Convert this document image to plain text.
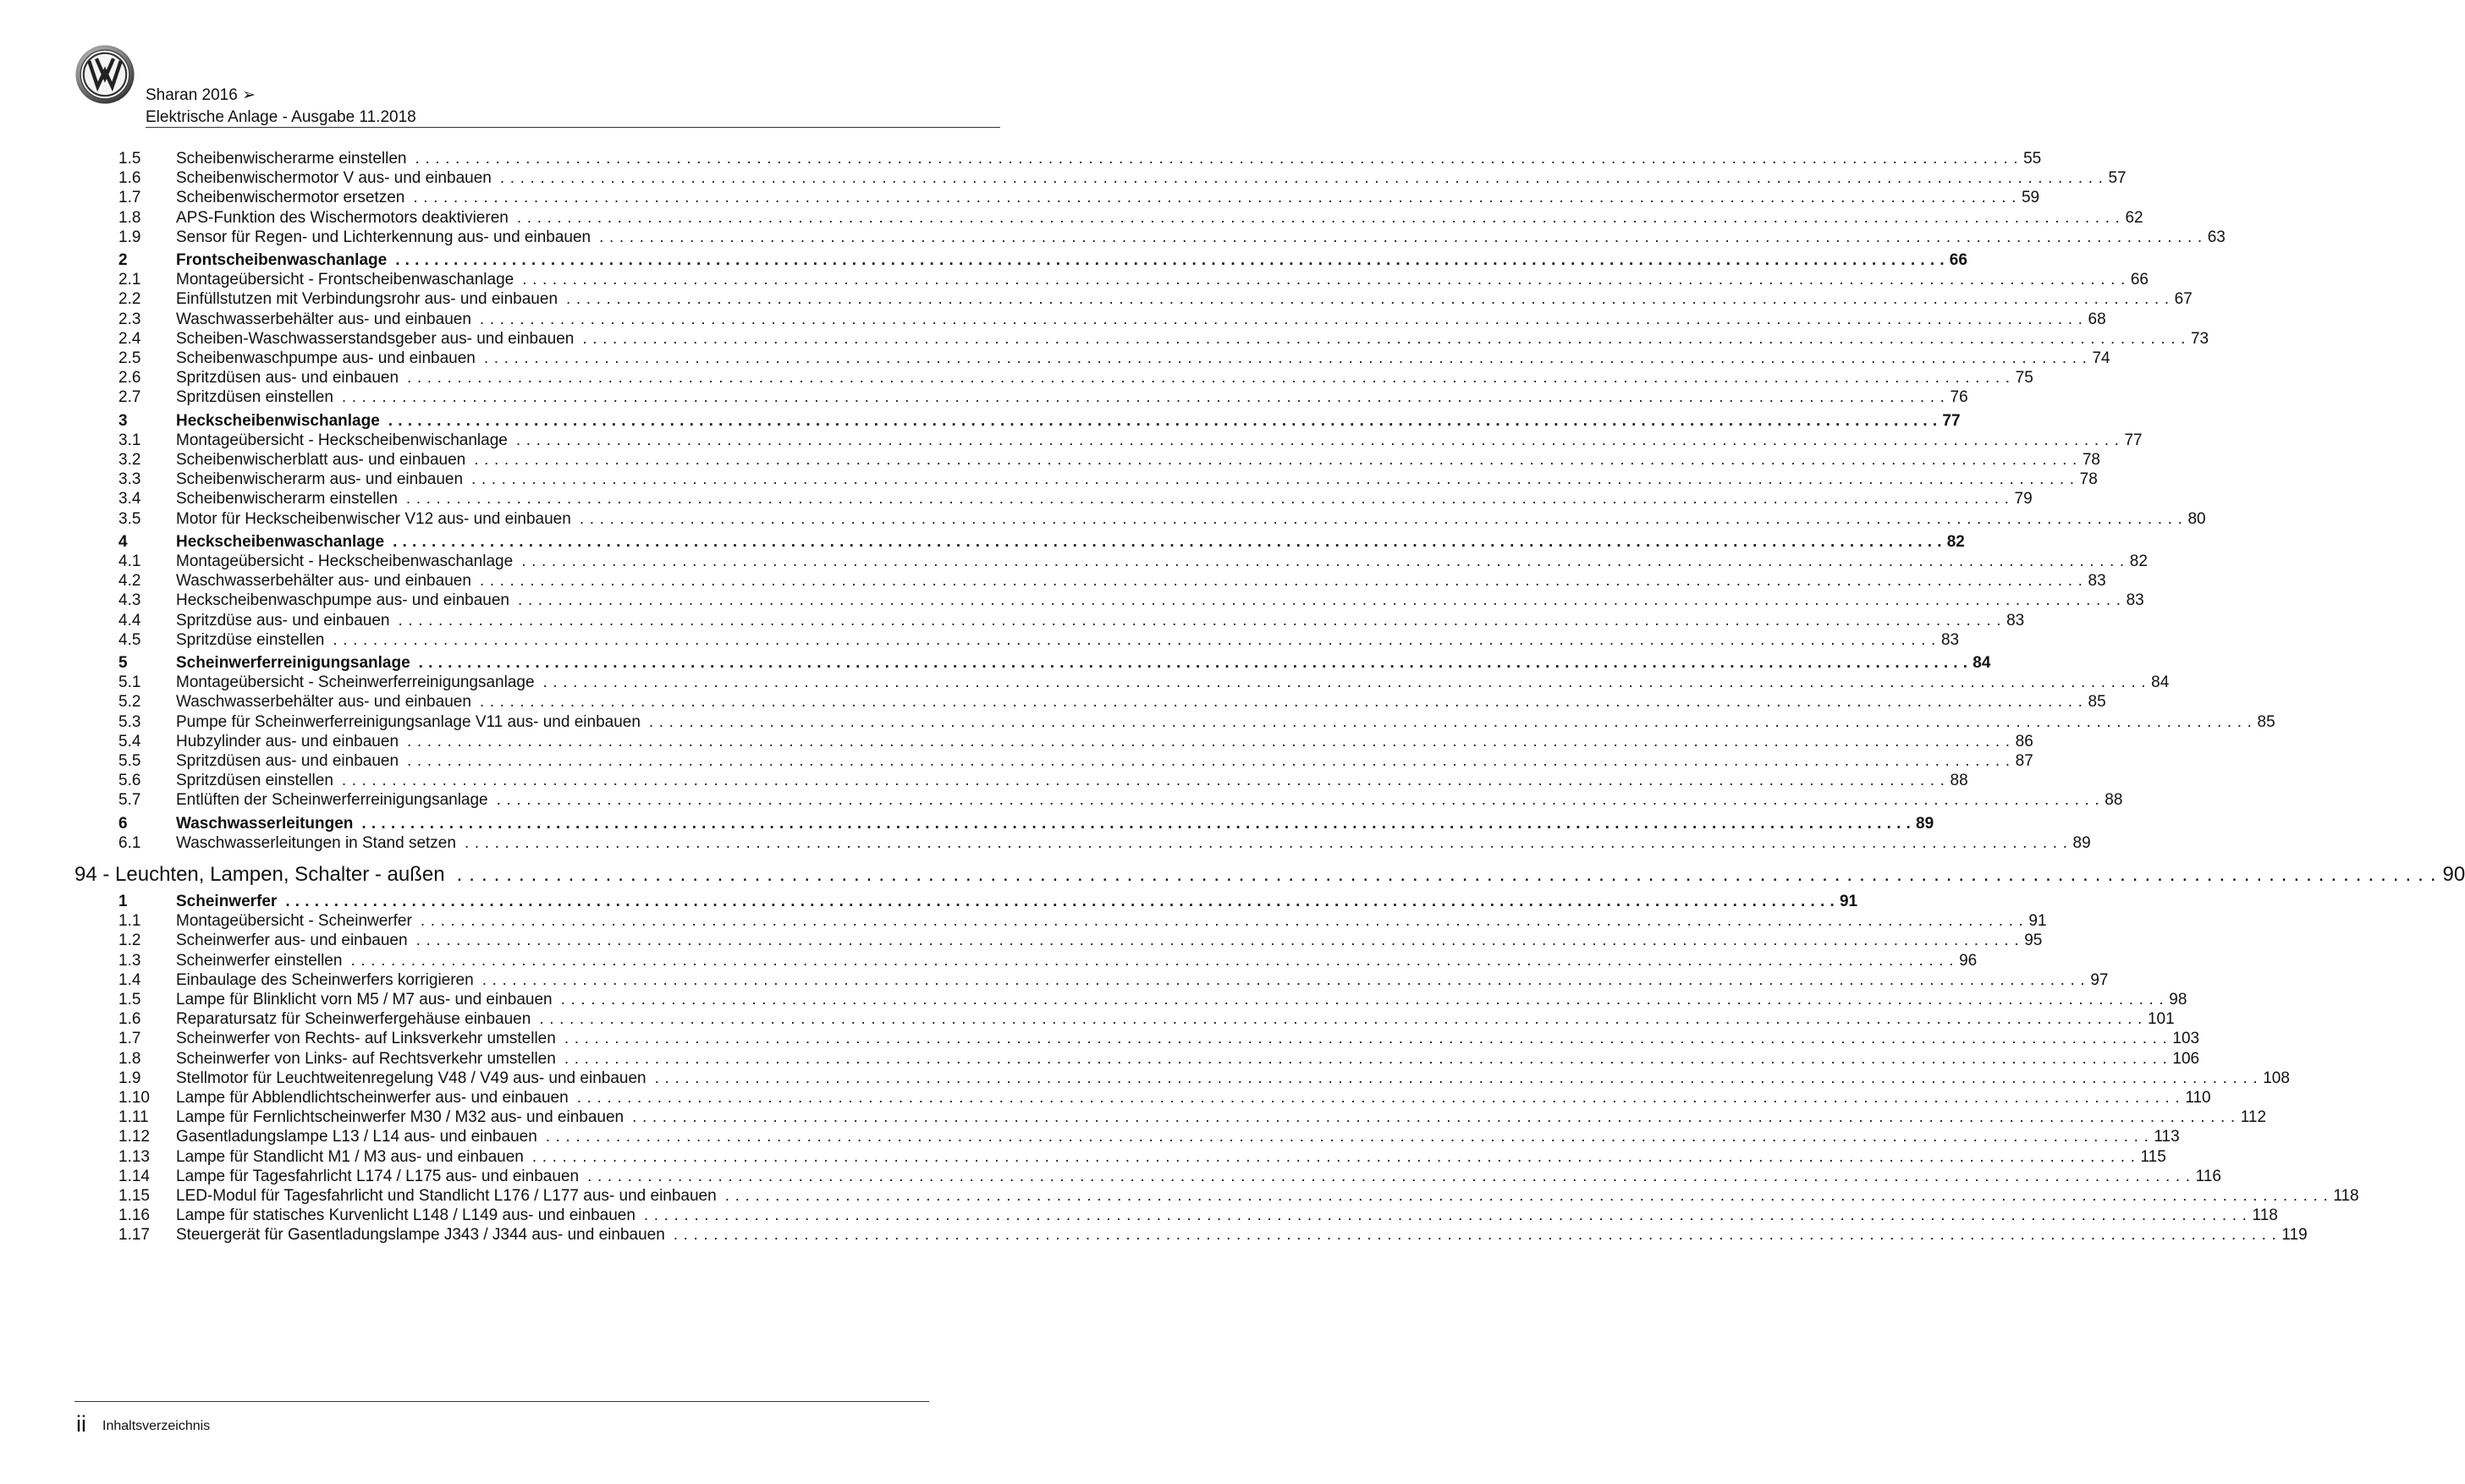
Sharan 2016 ➢
Elektrische Anlage - Ausgabe 11.2018
1.5 Scheibenwischerarme einstellen ................................................................................................................................................................ 55
1.6 Scheibenwischermotor V aus- und einbauen ................................................................................................................................................................ 57
1.7 Scheibenwischermotor ersetzen ................................................................................................................................................................ 59
1.8 APS-Funktion des Wischermotors deaktivieren ................................................................................................................................................................ 62
1.9 Sensor für Regen- und Lichterkennung aus- und einbauen ................................................................................................................................................................ 63
2	Frontscheibenwaschanlage ................................................................................................................................................................ 66
2.1 Montageübersicht - Frontscheibenwaschanlage ................................................................................................................................................................ 66
2.2 Einfüllstutzen mit Verbindungsrohr aus- und einbauen ................................................................................................................................................................ 67
2.3 Waschwasserbehälter aus- und einbauen ................................................................................................................................................................ 68
2.4 Scheiben-Waschwasserstandsgeber aus- und einbauen ................................................................................................................................................................ 73
2.5 Scheibenwaschpumpe aus- und einbauen ................................................................................................................................................................ 74
2.6 Spritzdüsen aus- und einbauen ................................................................................................................................................................ 75
2.7 Spritzdüsen einstellen ................................................................................................................................................................ 76
3	Heckscheibenwischanlage ................................................................................................................................................................ 77
3.1 Montageübersicht - Heckscheibenwischanlage ................................................................................................................................................................ 77
3.2 Scheibenwischerblatt aus- und einbauen ................................................................................................................................................................ 78
3.3 Scheibenwischerarm aus- und einbauen ................................................................................................................................................................ 78
3.4 Scheibenwischerarm einstellen ................................................................................................................................................................ 79
3.5 Motor für Heckscheibenwischer V12 aus- und einbauen ................................................................................................................................................................ 80
4	Heckscheibenwaschanlage ................................................................................................................................................................ 82
4.1 Montageübersicht - Heckscheibenwaschanlage ................................................................................................................................................................ 82
4.2 Waschwasserbehälter aus- und einbauen ................................................................................................................................................................ 83
4.3 Heckscheibenwaschpumpe aus- und einbauen ................................................................................................................................................................ 83
4.4 Spritzdüse aus- und einbauen ................................................................................................................................................................ 83
4.5 Spritzdüse einstellen ................................................................................................................................................................ 83
5	Scheinwerferreinigungsanlage ................................................................................................................................................................ 84
5.1 Montageübersicht - Scheinwerferreinigungsanlage ................................................................................................................................................................ 84
5.2 Waschwasserbehälter aus- und einbauen ................................................................................................................................................................ 85
5.3 Pumpe für Scheinwerferreinigungsanlage V11 aus- und einbauen ................................................................................................................................................................ 85
5.4 Hubzylinder aus- und einbauen ................................................................................................................................................................ 86
5.5 Spritzdüsen aus- und einbauen ................................................................................................................................................................ 87
5.6 Spritzdüsen einstellen ................................................................................................................................................................ 88
5.7 Entlüften der Scheinwerferreinigungsanlage ................................................................................................................................................................ 88
6	Waschwasserleitungen ................................................................................................................................................................ 89
6.1 Waschwasserleitungen in Stand setzen ................................................................................................................................................................ 89
94 - Leuchten, Lampen, Schalter - außen ................................................................................................................................................................ 90
1	Scheinwerfer ................................................................................................................................................................ 91
1.1 Montageübersicht - Scheinwerfer ................................................................................................................................................................ 91
1.2 Scheinwerfer aus- und einbauen ................................................................................................................................................................ 95
1.3 Scheinwerfer einstellen ................................................................................................................................................................ 96
1.4 Einbaulage des Scheinwerfers korrigieren ................................................................................................................................................................ 97
1.5 Lampe für Blinklicht vorn M5 / M7 aus- und einbauen ................................................................................................................................................................ 98
1.6 Reparatursatz für Scheinwerfergehäuse einbauen ................................................................................................................................................................ 101
1.7 Scheinwerfer von Rechts- auf Linksverkehr umstellen ................................................................................................................................................................ 103
1.8 Scheinwerfer von Links- auf Rechtsverkehr umstellen ................................................................................................................................................................ 106
1.9 Stellmotor für Leuchtweitenregelung V48 / V49 aus- und einbauen ................................................................................................................................................................ 108
1.10 Lampe für Abblendlichtscheinwerfer aus- und einbauen ................................................................................................................................................................ 110
1.11 Lampe für Fernlichtscheinwerfer M30 / M32 aus- und einbauen ................................................................................................................................................................ 112
1.12 Gasentladungslampe L13 / L14 aus- und einbauen ................................................................................................................................................................ 113
1.13 Lampe für Standlicht M1 / M3 aus- und einbauen ................................................................................................................................................................ 115
1.14 Lampe für Tagesfahrlicht L174 / L175 aus- und einbauen ................................................................................................................................................................ 116
1.15 LED-Modul für Tagesfahrlicht und Standlicht L176 / L177 aus- und einbauen ................................................................................................................................................................ 118
1.16 Lampe für statisches Kurvenlicht L148 / L149 aus- und einbauen ................................................................................................................................................................ 118
1.17 Steuergerät für Gasentladungslampe J343 / J344 aus- und einbauen ................................................................................................................................................................ 119
ii Inhaltsverzeichnis
